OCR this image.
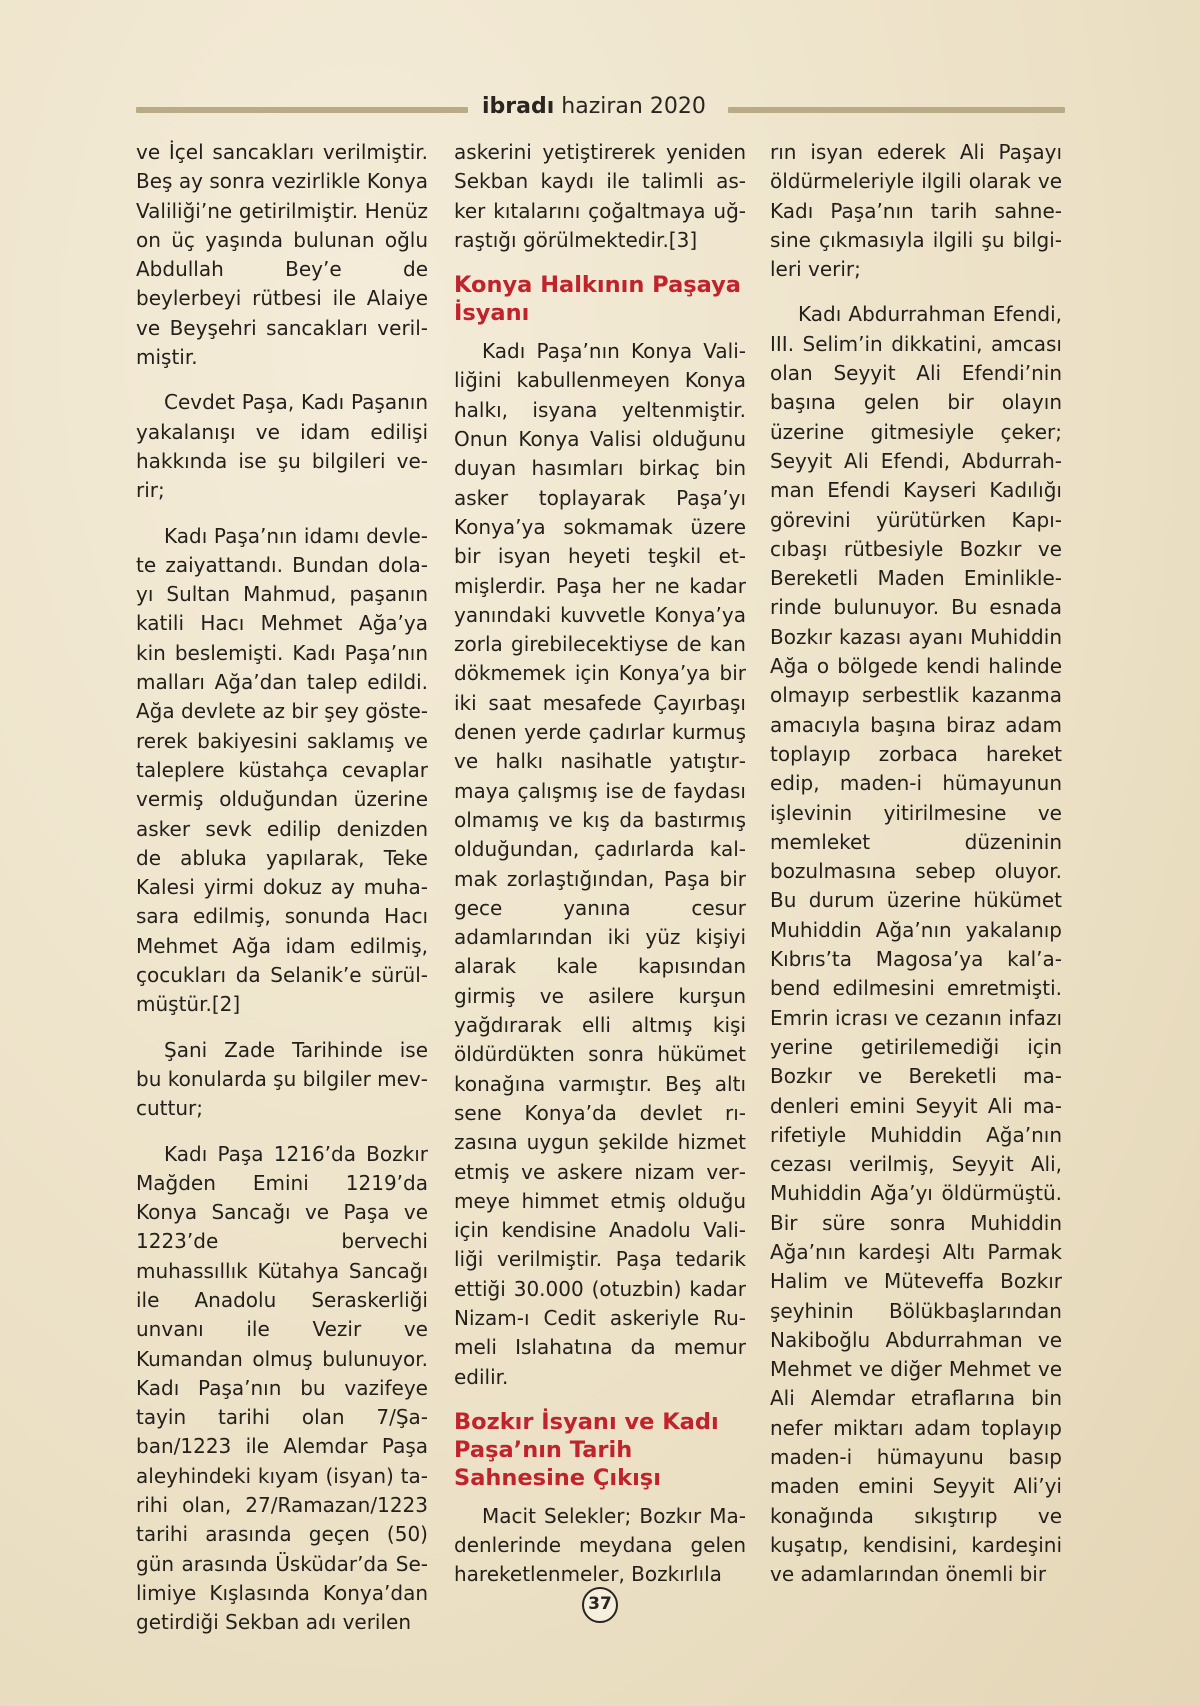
ibradı haziran 2020

ve İçel sancakları verilmiştir. Beş ay sonra vezirlikle Konya Valiliği’ne getirilmiştir. Henüz on üç yaşında bulunan oğlu Abdullah Bey’e de beylerbeyi rütbesi ile Alaiye ve Beyşehri sancakları verilmiştir.

Cevdet Paşa, Kadı Paşanın yakalanışı ve idam edilişi hakkında ise şu bilgileri verir;

Kadı Paşa’nın idamı devlete zaiyattandı. Bundan dolayı Sultan Mahmud, paşanın katili Hacı Mehmet Ağa’ya kin beslemişti. Kadı Paşa’nın malları Ağa’dan talep edildi. Ağa devlete az bir şey göstererek bakiyesini saklamış ve taleplere küstahça cevaplar vermiş olduğundan üzerine asker sevk edilip denizden de abluka yapılarak, Teke Kalesi yirmi dokuz ay muhasara edilmiş, sonunda Hacı Mehmet Ağa idam edilmiş, çocukları da Selanik’e sürülmüştür.[2]

Şani Zade Tarihinde ise bu konularda şu bilgiler mevcuttur;

Kadı Paşa 1216’da Bozkır Mağden Emini 1219’da Konya Sancağı ve Paşa ve 1223’de bervechi muhassıllık Kütahya Sancağı ile Anadolu Seraskerliği unvanı ile Vezir ve Kumandan olmuş bulunuyor. Kadı Paşa’nın bu vazifeye tayin tarihi olan 7/Şaban/1223 ile Alemdar Paşa aleyhindeki kıyam (isyan) tarihi olan, 27/Ramazan/1223 tarihi arasında geçen (50) gün arasında Üsküdar’da Selimiye Kışlasında Konya’dan getirdiği Sekban adı verilen

askerini yetiştirerek yeniden Sekban kaydı ile talimli asker kıtalarını çoğaltmaya uğraştığı görülmektedir.[3]

Konya Halkının Paşaya İsyanı

Kadı Paşa’nın Konya Valiliğini kabullenmeyen Konya halkı, isyana yeltenmiştir. Onun Konya Valisi olduğunu duyan hasımları birkaç bin asker toplayarak Paşa’yı Konya’ya sokmamak üzere bir isyan heyeti teşkil etmişlerdir. Paşa her ne kadar yanındaki kuvvetle Konya’ya zorla girebilecektiyse de kan dökmemek için Konya’ya bir iki saat mesafede Çayırbaşı denen yerde çadırlar kurmuş ve halkı nasihatle yatıştırmaya çalışmış ise de faydası olmamış ve kış da bastırmış olduğundan, çadırlarda kalmak zorlaştığından, Paşa bir gece yanına cesur adamlarından iki yüz kişiyi alarak kale kapısından girmiş ve asilere kurşun yağdırarak elli altmış kişi öldürdükten sonra hükümet konağına varmıştır. Beş altı sene Konya’da devlet rızasına uygun şekilde hizmet etmiş ve askere nizam vermeye himmet etmiş olduğu için kendisine Anadolu Valiliği verilmiştir. Paşa tedarik ettiği 30.000 (otuzbin) kadar Nizam-ı Cedit askeriyle Rumeli Islahatına da memur edilir.

Bozkır İsyanı ve Kadı Paşa’nın Tarih Sahnesine Çıkışı

Macit Selekler; Bozkır Madenlerinde meydana gelen hareketlenmeler, Bozkırlıla

rın isyan ederek Ali Paşayı öldürmeleriyle ilgili olarak ve Kadı Paşa’nın tarih sahnesine çıkmasıyla ilgili şu bilgileri verir;

Kadı Abdurrahman Efendi, III. Selim’in dikkatini, amcası olan Seyyit Ali Efendi’nin başına gelen bir olayın üzerine gitmesiyle çeker; Seyyit Ali Efendi, Abdurrahman Efendi Kayseri Kadılığı görevini yürütürken Kapıcıbaşı rütbesiyle Bozkır ve Bereketli Maden Eminliklerinde bulunuyor. Bu esnada Bozkır kazası ayanı Muhiddin Ağa o bölgede kendi halinde olmayıp serbestlik kazanma amacıyla başına biraz adam toplayıp zorbaca hareket edip, maden-i hümayunun işlevinin yitirilmesine ve memleket düzeninin bozulmasına sebep oluyor. Bu durum üzerine hükümet Muhiddin Ağa’nın yakalanıp Kıbrıs’ta Magosa’ya kal’abend edilmesini emretmişti. Emrin icrası ve cezanın infazı yerine getirilemediği için Bozkır ve Bereketli madenleri emini Seyyit Ali marifetiyle Muhiddin Ağa’nın cezası verilmiş, Seyyit Ali, Muhiddin Ağa’yı öldürmüştü. Bir süre sonra Muhiddin Ağa’nın kardeşi Altı Parmak Halim ve Müteveffa Bozkır şeyhinin Bölükbaşlarından Nakiboğlu Abdurrahman ve Mehmet ve diğer Mehmet ve Ali Alemdar etraflarına bin nefer miktarı adam toplayıp maden-i hümayunu basıp maden emini Seyyit Ali’yi konağında sıkıştırıp ve kuşatıp, kendisini, kardeşini ve adamlarından önemli bir

37
